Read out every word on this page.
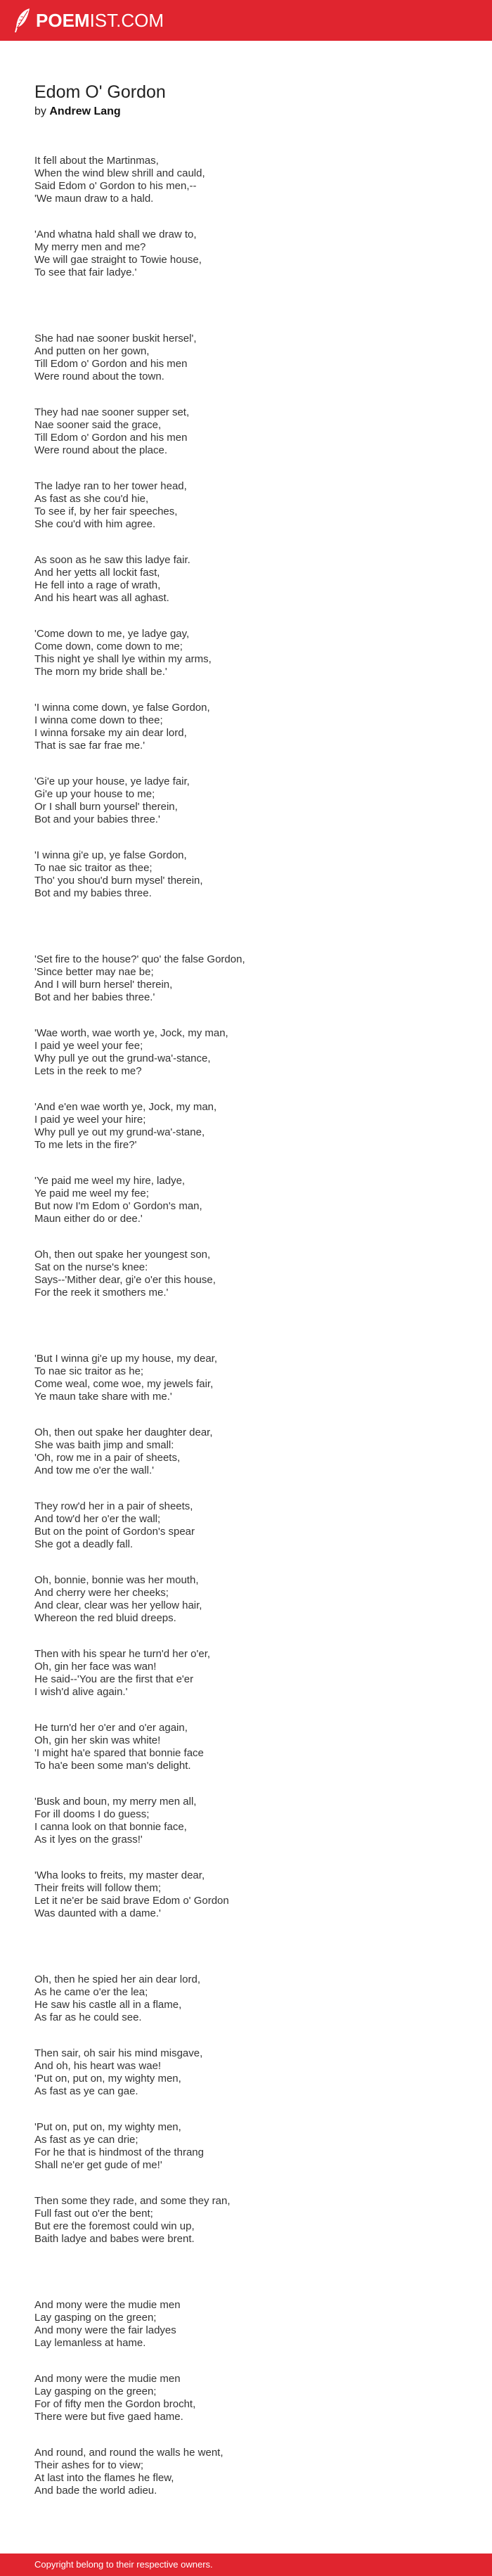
POEMIST.COM
Edom O' Gordon
by Andrew Lang
It fell about the Martinmas,
When the wind blew shrill and cauld,
Said Edom o' Gordon to his men,--
'We maun draw to a hald.
'And whatna hald shall we draw to,
My merry men and me?
We will gae straight to Towie house,
To see that fair ladye.'
She had nae sooner buskit hersel',
And putten on her gown,
Till Edom o' Gordon and his men
Were round about the town.
They had nae sooner supper set,
Nae sooner said the grace,
Till Edom o' Gordon and his men
Were round about the place.
The ladye ran to her tower head,
As fast as she cou'd hie,
To see if, by her fair speeches,
She cou'd with him agree.
As soon as he saw this ladye fair.
And her yetts all lockit fast,
He fell into a rage of wrath,
And his heart was all aghast.
'Come down to me, ye ladye gay,
Come down, come down to me;
This night ye shall lye within my arms,
The morn my bride shall be.'
'I winna come down, ye false Gordon,
I winna come down to thee;
I winna forsake my ain dear lord,
That is sae far frae me.'
'Gi'e up your house, ye ladye fair,
Gi'e up your house to me;
Or I shall burn yoursel' therein,
Bot and your babies three.'
'I winna gi'e up, ye false Gordon,
To nae sic traitor as thee;
Tho' you shou'd burn mysel' therein,
Bot and my babies three.
'Set fire to the house?' quo' the false Gordon,
'Since better may nae be;
And I will burn hersel' therein,
Bot and her babies three.'
'Wae worth, wae worth ye, Jock, my man,
I paid ye weel your fee;
Why pull ye out the grund-wa'-stance,
Lets in the reek to me?
'And e'en wae worth ye, Jock, my man,
I paid ye weel your hire;
Why pull ye out my grund-wa'-stane,
To me lets in the fire?'
'Ye paid me weel my hire, ladye,
Ye paid me weel my fee;
But now I'm Edom o' Gordon's man,
Maun either do or dee.'
Oh, then out spake her youngest son,
Sat on the nurse's knee:
Says--'Mither dear, gi'e o'er this house,
For the reek it smothers me.'
'But I winna gi'e up my house, my dear,
To nae sic traitor as he;
Come weal, come woe, my jewels fair,
Ye maun take share with me.'
Oh, then out spake her daughter dear,
She was baith jimp and small:
'Oh, row me in a pair of sheets,
And tow me o'er the wall.'
They row'd her in a pair of sheets,
And tow'd her o'er the wall;
But on the point of Gordon's spear
She got a deadly fall.
Oh, bonnie, bonnie was her mouth,
And cherry were her cheeks;
And clear, clear was her yellow hair,
Whereon the red bluid dreeps.
Then with his spear he turn'd her o'er,
Oh, gin her face was wan!
He said--'You are the first that e'er
I wish'd alive again.'
He turn'd her o'er and o'er again,
Oh, gin her skin was white!
'I might ha'e spared that bonnie face
To ha'e been some man's delight.
'Busk and boun, my merry men all,
For ill dooms I do guess;
I canna look on that bonnie face,
As it lyes on the grass!'
'Wha looks to freits, my master dear,
Their freits will follow them;
Let it ne'er be said brave Edom o' Gordon
Was daunted with a dame.'
Oh, then he spied her ain dear lord,
As he came o'er the lea;
He saw his castle all in a flame,
As far as he could see.
Then sair, oh sair his mind misgave,
And oh, his heart was wae!
'Put on, put on, my wighty men,
As fast as ye can gae.
'Put on, put on, my wighty men,
As fast as ye can drie;
For he that is hindmost of the thrang
Shall ne'er get gude of me!'
Then some they rade, and some they ran,
Full fast out o'er the bent;
But ere the foremost could win up,
Baith ladye and babes were brent.
And mony were the mudie men
Lay gasping on the green;
And mony were the fair ladyes
Lay lemanless at hame.
And mony were the mudie men
Lay gasping on the green;
For of fifty men the Gordon brocht,
There were but five gaed hame.
And round, and round the walls he went,
Their ashes for to view;
At last into the flames he flew,
And bade the world adieu.
Copyright belong to their respective owners.
